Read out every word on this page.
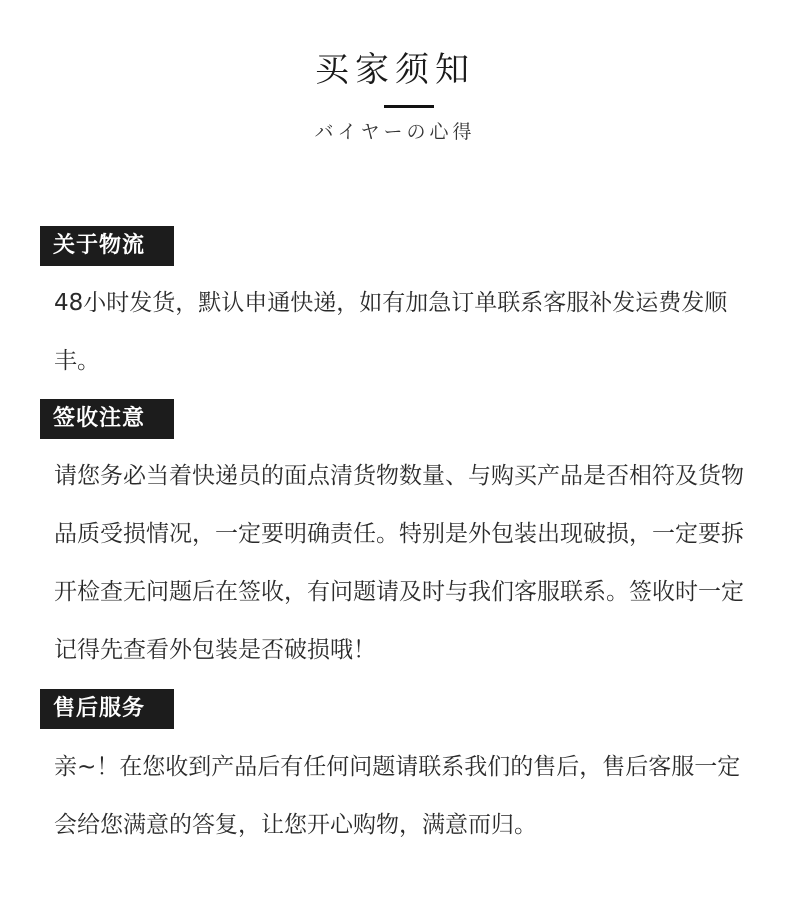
买家须知
バイヤーの心得
关于物流

48小时发货，默认申通快递，如有加急订单联系客服补发运费发顺丰。

签收注意

请您务必当着快递员的面点清货物数量、与购买产品是否相符及货物品质受损情况，一定要明确责任。特别是外包装出现破损，一定要拆开检查无问题后在签收，有问题请及时与我们客服联系。签收时一定记得先查看外包装是否破损哦！

售后服务

亲~！在您收到产品后有任何问题请联系我们的售后，售后客服一定会给您满意的答复，让您开心购物，满意而归。
